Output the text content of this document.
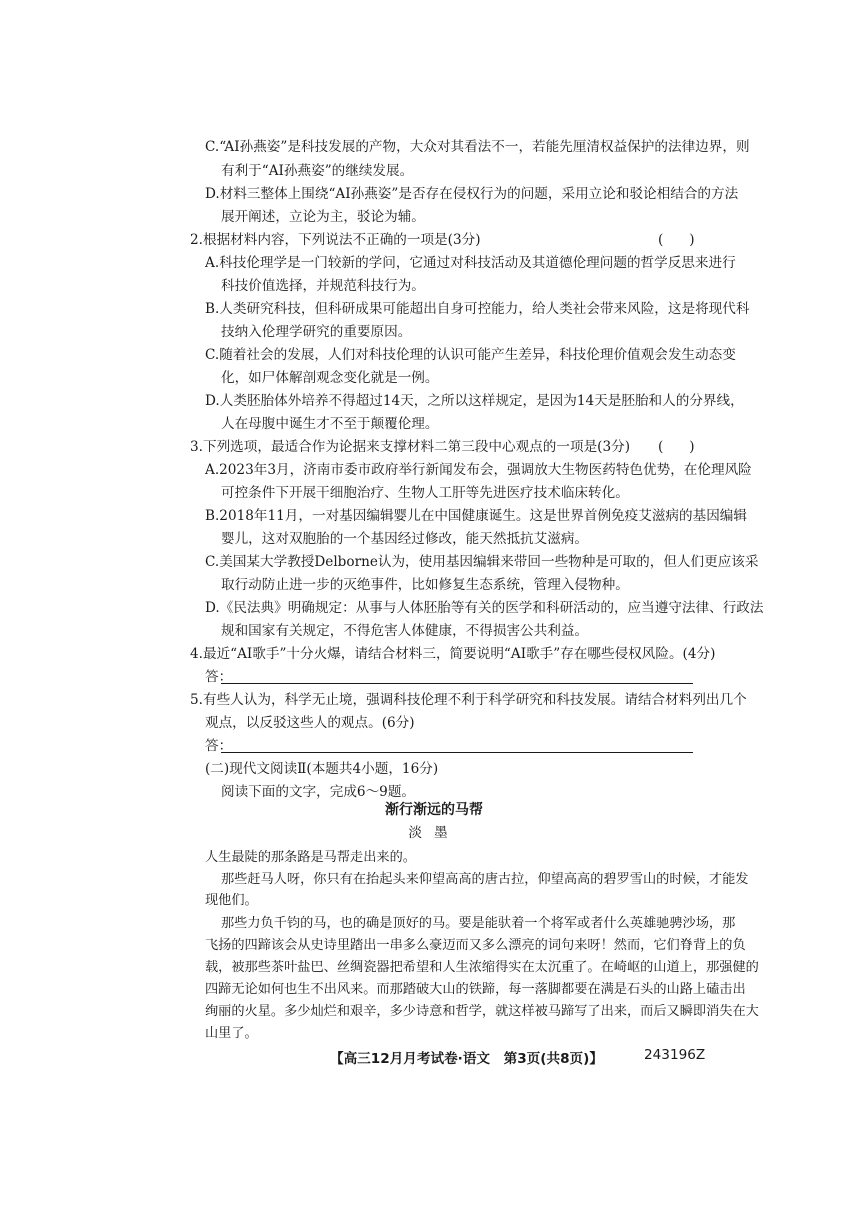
C.“AI孙燕姿”是科技发展的产物，大众对其看法不一，若能先厘清权益保护的法律边界，则
有利于“AI孙燕姿”的继续发展。
D.材料三整体上围绕“AI孙燕姿”是否存在侵权行为的问题，采用立论和驳论相结合的方法
展开阐述，立论为主，驳论为辅。
2.根据材料内容，下列说法不正确的一项是(3分)	(      )
A.科技伦理学是一门较新的学问，它通过对科技活动及其道德伦理问题的哲学反思来进行
科技价值选择，并规范科技行为。
B.人类研究科技，但科研成果可能超出自身可控能力，给人类社会带来风险，这是将现代科
技纳入伦理学研究的重要原因。
C.随着社会的发展，人们对科技伦理的认识可能产生差异，科技伦理价值观会发生动态变
化，如尸体解剖观念变化就是一例。
D.人类胚胎体外培养不得超过14天，之所以这样规定，是因为14天是胚胎和人的分界线，
人在母腹中诞生才不至于颠覆伦理。
3.下列选项，最适合作为论据来支撑材料二第三段中心观点的一项是(3分) (      )
A.2023年3月，济南市委市政府举行新闻发布会，强调放大生物医药特色优势，在伦理风险
可控条件下开展干细胞治疗、生物人工肝等先进医疗技术临床转化。
B.2018年11月，一对基因编辑婴儿在中国健康诞生。这是世界首例免疫艾滋病的基因编辑
婴儿，这对双胞胎的一个基因经过修改，能天然抵抗艾滋病。
C.美国某大学教授Delborne认为，使用基因编辑来带回一些物种是可取的，但人们更应该采
取行动防止进一步的灭绝事件，比如修复生态系统，管理入侵物种。
D.《民法典》明确规定：从事与人体胚胎等有关的医学和科研活动的，应当遵守法律、行政法
规和国家有关规定，不得危害人体健康，不得损害公共利益。
4.最近“AI歌手”十分火爆，请结合材料三，简要说明“AI歌手”存在哪些侵权风险。(4分)
答：
5.有些人认为，科学无止境，强调科技伦理不利于科学研究和科技发展。请结合材料列出几个
观点，以反驳这些人的观点。(6分)
答：
(二)现代文阅读Ⅱ(本题共4小题，16分)
阅读下面的文字，完成6～9题。
渐行渐远的马帮
淡墨
人生最陡的那条路是马帮走出来的。
那些赶马人呀，你只有在抬起头来仰望高高的唐古拉，仰望高高的碧罗雪山的时候，才能发
现他们。
那些力负千钧的马，也的确是顶好的马。要是能驮着一个将军或者什么英雄驰骋沙场，那
飞扬的四蹄该会从史诗里踏出一串多么豪迈而又多么漂亮的词句来呀！然而，它们脊背上的负
载，被那些茶叶盐巴、丝绸瓷器把希望和人生浓缩得实在太沉重了。在崎岖的山道上，那强健的
四蹄无论如何也生不出风来。而那踏破大山的铁蹄，每一落脚都要在满是石头的山路上磕击出
【高三12月月考试卷·语文　第3页(共8页)】	243196Z
绚丽的火星。多少灿烂和艰辛，多少诗意和哲学，就这样被马蹄写了出来，而后又瞬即消失在大
山里了。
